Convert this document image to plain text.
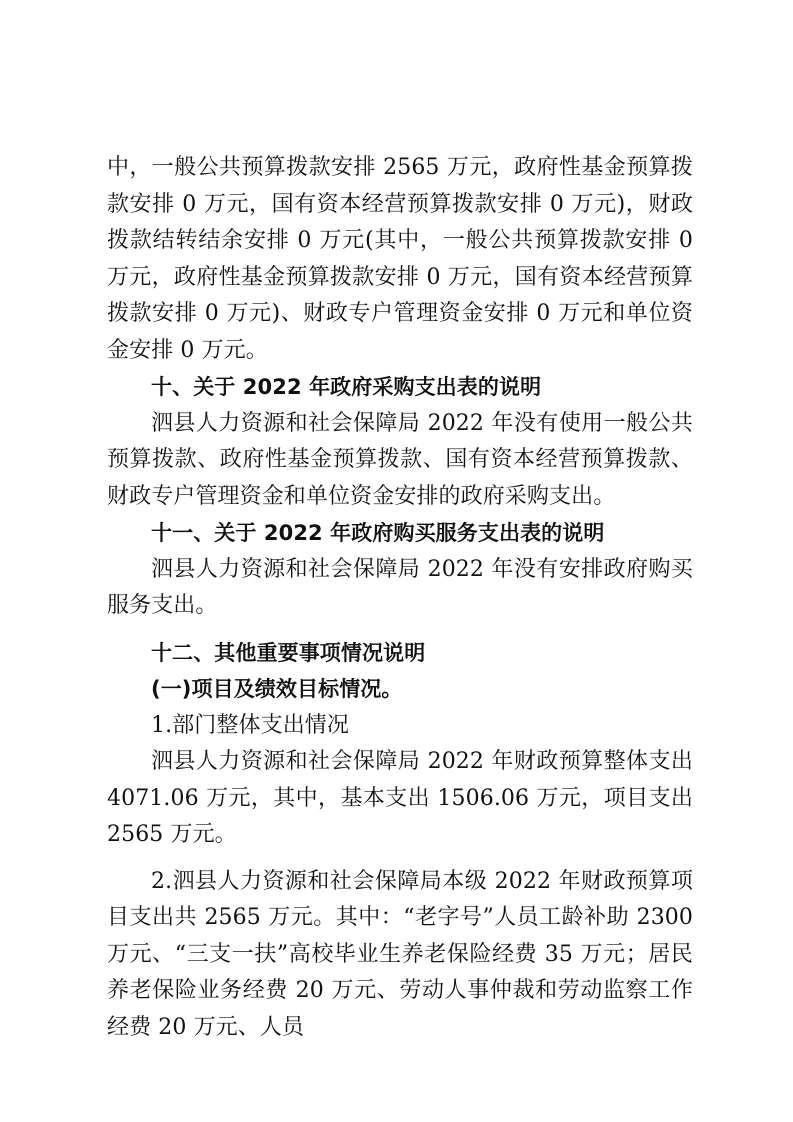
中，一般公共预算拨款安排 2565 万元，政府性基金预算拨款安排 0 万元，国有资本经营预算拨款安排 0 万元)，财政拨款结转结余安排 0 万元(其中，一般公共预算拨款安排 0 万元，政府性基金预算拨款安排 0 万元，国有资本经营预算拨款安排 0 万元)、财政专户管理资金安排 0 万元和单位资金安排 0 万元。

十、关于 2022 年政府采购支出表的说明

泗县人力资源和社会保障局 2022 年没有使用一般公共预算拨款、政府性基金预算拨款、国有资本经营预算拨款、财政专户管理资金和单位资金安排的政府采购支出。

十一、关于 2022 年政府购买服务支出表的说明

泗县人力资源和社会保障局 2022 年没有安排政府购买服务支出。

十二、其他重要事项情况说明

(一)项目及绩效目标情况。

1.部门整体支出情况

泗县人力资源和社会保障局 2022 年财政预算整体支出 4071.06 万元，其中，基本支出 1506.06 万元，项目支出 2565 万元。

2.泗县人力资源和社会保障局本级 2022 年财政预算项目支出共 2565 万元。其中：“老字号”人员工龄补助 2300 万元、“三支一扶”高校毕业生养老保险经费 35 万元；居民养老保险业务经费 20 万元、劳动人事仲裁和劳动监察工作经费 20 万元、人员
